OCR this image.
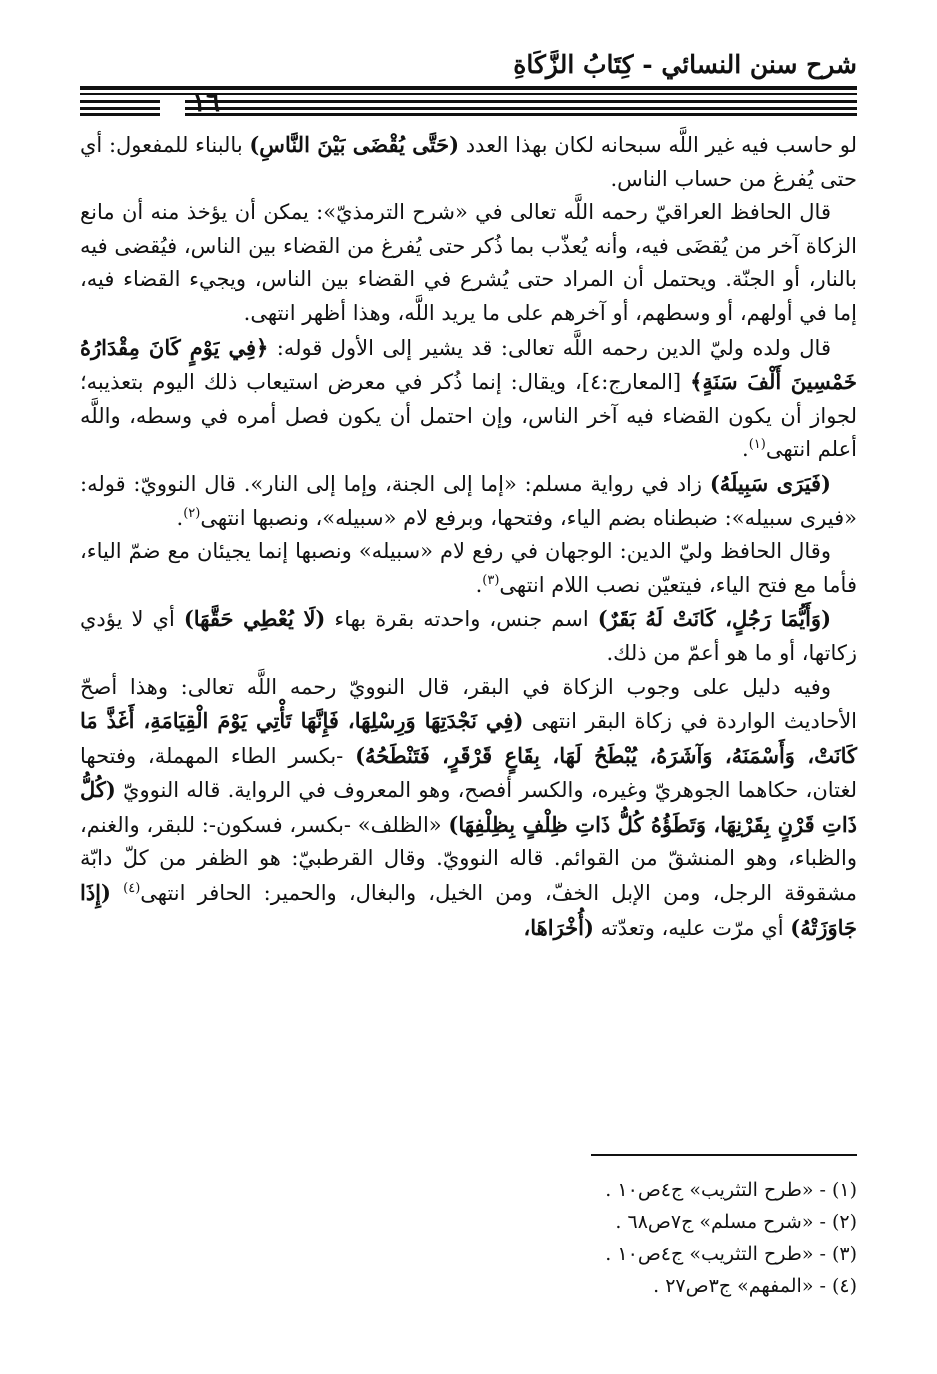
شرح سنن النسائي - كِتَابُ الزَّكَاةِ
١٦

لو حاسب فيه غير اللَّه سبحانه لكان بهذا العدد (حَتَّى يُقْضَى بَيْنَ النَّاسِ) بالبناء للمفعول: أي حتى يُفرغ من حساب الناس.

قال الحافظ العراقيّ رحمه اللَّه تعالى في «شرح الترمذيّ»: يمكن أن يؤخذ منه أن مانع الزكاة آخر من يُقضَى فيه، وأنه يُعذّب بما ذُكر حتى يُفرغ من القضاء بين الناس، فيُقضى فيه بالنار، أو الجنّة. ويحتمل أن المراد حتى يُشرع في القضاء بين الناس، ويجيء القضاء فيه، إما في أولهم، أو وسطهم، أو آخرهم على ما يريد اللَّه، وهذا أظهر انتهى.

قال ولده وليّ الدين رحمه اللَّه تعالى: قد يشير إلى الأول قوله: ﴿فِي يَوْمٍ كَانَ مِقْدَارُهُ خَمْسِينَ أَلْفَ سَنَةٍ﴾ [المعارج:٤]، ويقال: إنما ذُكر في معرض استيعاب ذلك اليوم بتعذيبه؛ لجواز أن يكون القضاء فيه آخر الناس، وإن احتمل أن يكون فصل أمره في وسطه، واللَّه أعلم انتهى$^{(١)}$.

(فَيَرَى سَبِيلَهُ) زاد في رواية مسلم: «إما إلى الجنة، وإما إلى النار». قال النوويّ: قوله: «فيرى سبيله»: ضبطناه بضم الياء، وفتحها، وبرفع لام «سبيله»، ونصبها انتهى$^{(٢)}$.

وقال الحافظ وليّ الدين: الوجهان في رفع لام «سبيله» ونصبها إنما يجيئان مع ضمّ الياء، فأما مع فتح الياء، فيتعيّن نصب اللام انتهى$^{(٣)}$.

(وَأَيُّمَا رَجُلٍ، كَانَتْ لَهُ بَقَرٌ) اسم جنس، واحدته بقرة بهاء (لَا يُعْطِي حَقَّهَا) أي لا يؤدي زكاتها، أو ما هو أعمّ من ذلك.

وفيه دليل على وجوب الزكاة في البقر، قال النوويّ رحمه اللَّه تعالى: وهذا أصحّ الأحاديث الواردة في زكاة البقر انتهى (فِي نَجْدَتِهَا وَرِسْلِهَا، فَإِنَّهَا تَأْتِي يَوْمَ الْقِيَامَةِ، أَغَذَّ مَا كَانَتْ، وَأَسْمَنَهُ، وَآشَرَهُ، يُبْطَحُ لَهَا، بِقَاعٍ قَرْقَرٍ، فَتَنْطَحُهُ) -بكسر الطاء المهملة، وفتحها لغتان، حكاهما الجوهريّ وغيره، والكسر أفصح، وهو المعروف في الرواية. قاله النوويّ (كُلُّ ذَاتِ قَرْنٍ بِقَرْنِهَا، وَتَطَؤُهُ كُلُّ ذَاتِ ظِلْفٍ بِظِلْفِهَا) «الظلف» -بكسر، فسكون-: للبقر، والغنم، والظباء، وهو المنشقّ من القوائم. قاله النوويّ. وقال القرطبيّ: هو الظفر من كلّ دابّة مشقوقة الرجل، ومن الإبل الخفّ، ومن الخيل، والبغال، والحمير: الحافر انتهى$^{(٤)}$ (إِذَا جَاوَزَتْهُ) أي مرّت عليه، وتعدّته (أُخْرَاهَا،

(١) - «طرح التثريب» ج٤ص١٠ .
(٢) - «شرح مسلم» ج٧ص٦٨ .
(٣) - «طرح التثريب» ج٤ص١٠ .
(٤) - «المفهم» ج٣ص٢٧ .
